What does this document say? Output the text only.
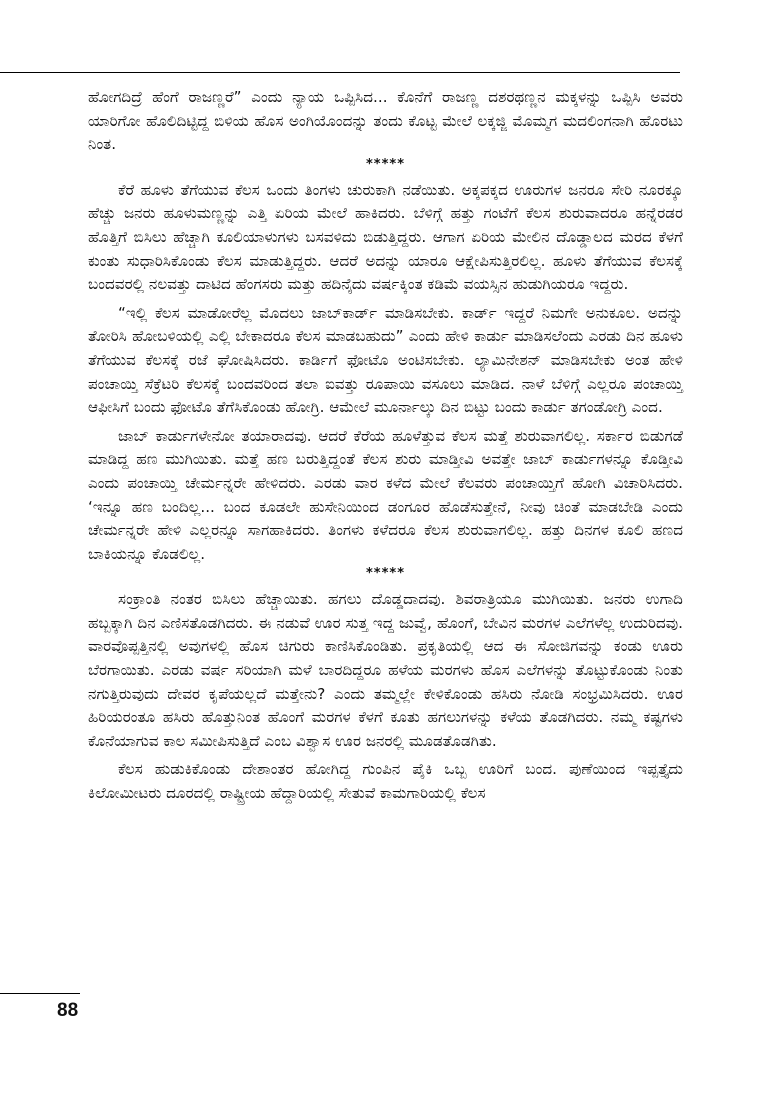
ಹೋಗದಿದ್ರೆ ಹೆಂಗೆ ರಾಜಣ್ಣರೆ” ಎಂದು ನ್ಯಾಯ ಒಪ್ಪಿಸಿದ... ಕೊನೆಗೆ ರಾಜಣ್ಣ ದಶರಥಣ್ಣನ ಮಕ್ಕಳನ್ನು ಒಪ್ಪಿಸಿ ಅವರು ಯಾರಿಗೋ ಹೊಲಿದಿಟ್ಟಿದ್ದ ಬಿಳಿಯ ಹೊಸ ಅಂಗಿಯೊಂದನ್ನು ತಂದು ಕೊಟ್ಟ ಮೇಲೆ ಲಕ್ಕಜ್ಜಿ ಮೊಮ್ಮಗ ಮದಲಿಂಗನಾಗಿ ಹೊರಟು ನಿಂತ.

*****

ಕೆರೆ ಹೂಳು ತೆಗೆಯುವ ಕೆಲಸ ಒಂದು ತಿಂಗಳು ಚುರುಕಾಗಿ ನಡೆಯಿತು. ಅಕ್ಕಪಕ್ಕದ ಊರುಗಳ ಜನರೂ ಸೇರಿ ನೂರಕ್ಕೂ ಹೆಚ್ಚು ಜನರು ಹೂಳುಮಣ್ಣನ್ನು ಎತ್ತಿ ಏರಿಯ ಮೇಲೆ ಹಾಕಿದರು. ಬೆಳಿಗ್ಗೆ ಹತ್ತು ಗಂಟೆಗೆ ಕೆಲಸ ಶುರುವಾದರೂ ಹನ್ನೆರಡರ ಹೊತ್ತಿಗೆ ಬಿಸಿಲು ಹೆಚ್ಚಾಗಿ ಕೂಲಿಯಾಳುಗಳು ಬಸವಳಿದು ಬಿಡುತ್ತಿದ್ದರು. ಆಗಾಗ ಏರಿಯ ಮೇಲಿನ ದೊಡ್ಡಾಲದ ಮರದ ಕೆಳಗೆ ಕುಂತು ಸುಧಾರಿಸಿಕೊಂಡು ಕೆಲಸ ಮಾಡುತ್ತಿದ್ದರು. ಆದರೆ ಅದನ್ನು ಯಾರೂ ಆಕ್ಷೇಪಿಸುತ್ತಿರಲಿಲ್ಲ. ಹೂಳು ತೆಗೆಯುವ ಕೆಲಸಕ್ಕೆ ಬಂದವರಲ್ಲಿ ನಲವತ್ತು ದಾಟಿದ ಹೆಂಗಸರು ಮತ್ತು ಹದಿನೈದು ವರ್ಷಕ್ಕಿಂತ ಕಡಿಮೆ ವಯಸ್ಸಿನ ಹುಡುಗಿಯರೂ ಇದ್ದರು.

“ಇಲ್ಲಿ ಕೆಲಸ ಮಾಡೋರೆಲ್ಲ ಮೊದಲು ಜಾಬ್‌ಕಾರ್ಡ್ ಮಾಡಿಸಬೇಕು. ಕಾರ್ಡ್ ಇದ್ದರೆ ನಿಮಗೇ ಅನುಕೂಲ. ಅದನ್ನು ತೋರಿಸಿ ಹೋಬಳಿಯಲ್ಲಿ ಎಲ್ಲಿ ಬೇಕಾದರೂ ಕೆಲಸ ಮಾಡಬಹುದು” ಎಂದು ಹೇಳಿ ಕಾರ್ಡು ಮಾಡಿಸಲೆಂದು ಎರಡು ದಿನ ಹೂಳು ತೆಗೆಯುವ ಕೆಲಸಕ್ಕೆ ರಜೆ ಘೋಷಿಸಿದರು. ಕಾರ್ಡಿಗೆ ಫೋಟೊ ಅಂಟಿಸಬೇಕು. ಲ್ಯಾಮಿನೇಶನ್ ಮಾಡಿಸಬೇಕು ಅಂತ ಹೇಳಿ ಪಂಚಾಯ್ತಿ ಸೆಕ್ರೆಟರಿ ಕೆಲಸಕ್ಕೆ ಬಂದವರಿಂದ ತಲಾ ಐವತ್ತು ರೂಪಾಯಿ ವಸೂಲು ಮಾಡಿದ. ನಾಳೆ ಬೆಳಿಗ್ಗೆ ಎಲ್ಲರೂ ಪಂಚಾಯ್ತಿ ಆಫೀಸಿಗೆ ಬಂದು ಫೋಟೊ ತೆಗೆಸಿಕೊಂಡು ಹೋಗ್ರಿ. ಆಮೇಲೆ ಮೂರ್ನಾಲ್ಕು ದಿನ ಬಿಟ್ಟು ಬಂದು ಕಾರ್ಡು ತಗಂಡೋಗ್ರಿ ಎಂದ.

ಜಾಬ್ ಕಾರ್ಡುಗಳೇನೋ ತಯಾರಾದವು. ಆದರೆ ಕೆರೆಯ ಹೂಳೆತ್ತುವ ಕೆಲಸ ಮತ್ತೆ ಶುರುವಾಗಲಿಲ್ಲ. ಸರ್ಕಾರ ಬಿಡುಗಡೆ ಮಾಡಿದ್ದ ಹಣ ಮುಗಿಯಿತು. ಮತ್ತೆ ಹಣ ಬರುತ್ತಿದ್ದಂತೆ ಕೆಲಸ ಶುರು ಮಾಡ್ತೀವಿ ಅವತ್ತೇ ಜಾಬ್ ಕಾರ್ಡುಗಳನ್ನೂ ಕೊಡ್ತೀವಿ ಎಂದು ಪಂಚಾಯ್ತಿ ಚೇರ್ಮನ್ನರೇ ಹೇಳಿದರು. ಎರಡು ವಾರ ಕಳೆದ ಮೇಲೆ ಕೆಲವರು ಪಂಚಾಯ್ತಿಗೆ ಹೋಗಿ ವಿಚಾರಿಸಿದರು. ‘ಇನ್ನೂ ಹಣ ಬಂದಿಲ್ಲ... ಬಂದ ಕೂಡಲೇ ಹುಸೇನಿಯಿಂದ ಡಂಗೂರ ಹೊಡೆಸುತ್ತೇನೆ, ನೀವು ಚಿಂತೆ ಮಾಡಬೇಡಿ ಎಂದು ಚೇರ್ಮನ್ನರೇ ಹೇಳಿ ಎಲ್ಲರನ್ನೂ ಸಾಗಹಾಕಿದರು. ತಿಂಗಳು ಕಳೆದರೂ ಕೆಲಸ ಶುರುವಾಗಲಿಲ್ಲ. ಹತ್ತು ದಿನಗಳ ಕೂಲಿ ಹಣದ ಬಾಕಿಯನ್ನೂ ಕೊಡಲಿಲ್ಲ.

*****

ಸಂಕ್ರಾಂತಿ ನಂತರ ಬಿಸಿಲು ಹೆಚ್ಚಾಯಿತು. ಹಗಲು ದೊಡ್ಡದಾದವು. ಶಿವರಾತ್ರಿಯೂ ಮುಗಿಯಿತು. ಜನರು ಉಗಾದಿ ಹಬ್ಬಕ್ಕಾಗಿ ದಿನ ಎಣಿಸತೊಡಗಿದರು. ಈ ನಡುವೆ ಊರ ಸುತ್ತ ಇದ್ದ ಜುವ್ವೆ, ಹೊಂಗೆ, ಬೇವಿನ ಮರಗಳ ಎಲೆಗಳೆಲ್ಲ ಉದುರಿದವು. ವಾರವೊಪ್ಪತ್ತಿನಲ್ಲಿ ಅವುಗಳಲ್ಲಿ ಹೊಸ ಚಿಗುರು ಕಾಣಿಸಿಕೊಂಡಿತು. ಪ್ರಕೃತಿಯಲ್ಲಿ ಆದ ಈ ಸೋಜಿಗವನ್ನು ಕಂಡು ಊರು ಬೆರಗಾಯಿತು. ಎರಡು ವರ್ಷ ಸರಿಯಾಗಿ ಮಳೆ ಬಾರದಿದ್ದರೂ ಹಳೆಯ ಮರಗಳು ಹೊಸ ಎಲೆಗಳನ್ನು ತೊಟ್ಟುಕೊಂಡು ನಿಂತು ನಗುತ್ತಿರುವುದು ದೇವರ ಕೃಪೆಯಲ್ಲದೆ ಮತ್ತೇನು? ಎಂದು ತಮ್ಮಲ್ಲೇ ಕೇಳಿಕೊಂಡು ಹಸಿರು ನೋಡಿ ಸಂಭ್ರಮಿಸಿದರು. ಊರ ಹಿರಿಯರಂತೂ ಹಸಿರು ಹೊತ್ತುನಿಂತ ಹೊಂಗೆ ಮರಗಳ ಕೆಳಗೆ ಕೂತು ಹಗಲುಗಳನ್ನು ಕಳೆಯ ತೊಡಗಿದರು. ನಮ್ಮ ಕಷ್ಟಗಳು ಕೊನೆಯಾಗುವ ಕಾಲ ಸಮೀಪಿಸುತ್ತಿದೆ ಎಂಬ ವಿಶ್ವಾಸ ಊರ ಜನರಲ್ಲಿ ಮೂಡತೊಡಗಿತು.

ಕೆಲಸ ಹುಡುಕಿಕೊಂಡು ದೇಶಾಂತರ ಹೋಗಿದ್ದ ಗುಂಪಿನ ಪೈಕಿ ಒಬ್ಬ ಊರಿಗೆ ಬಂದ. ಪುಣೆಯಿಂದ ಇಪ್ಪತ್ತೈದು ಕಿಲೋಮೀಟರು ದೂರದಲ್ಲಿ ರಾಷ್ಟ್ರೀಯ ಹೆದ್ದಾರಿಯಲ್ಲಿ ಸೇತುವೆ ಕಾಮಗಾರಿಯಲ್ಲಿ ಕೆಲಸ

88
